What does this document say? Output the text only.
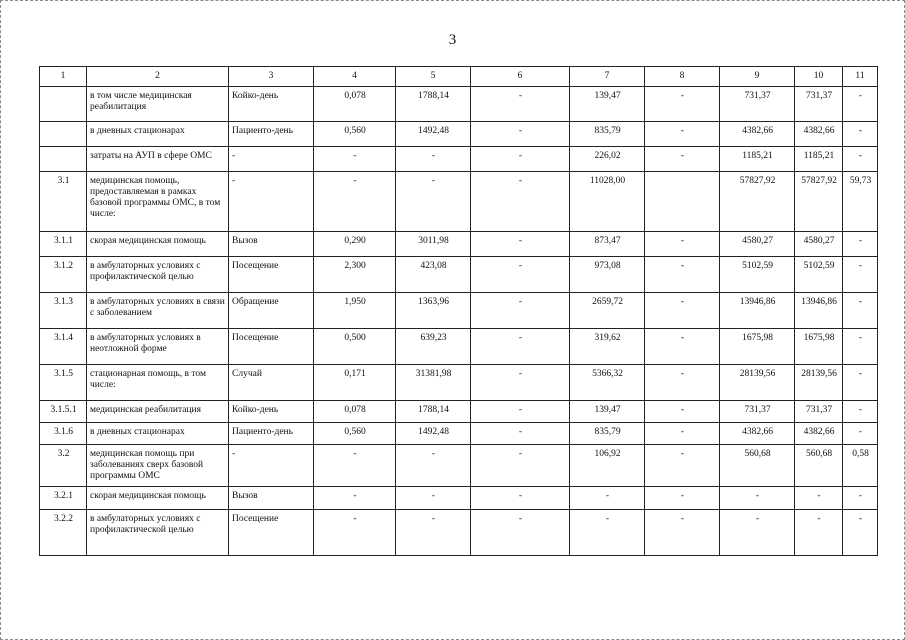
3
1	2	3	4	5	6	7	8	9	10	11
	в том числе медицинская реабилитация	Койко-день	0,078	1788,14	-	139,47	-	731,37	731,37	-
	в дневных стационарах	Пациенто-день	0,560	1492,48	-	835,79	-	4382,66	4382,66	-
	затраты на АУП в сфере ОМС	-	-	-	-	226,02	-	1185,21	1185,21	-
3.1	медицинская помощь, предоставляемая в рамках базовой программы ОМС, в том числе:	-	-	-	-	11028,00		57827,92	57827,92	59,73
3.1.1	скорая медицинская помощь	Вызов	0,290	3011,98	-	873,47	-	4580,27	4580,27	-
3.1.2	в амбулаторных условиях с профилактической целью	Посещение	2,300	423,08	-	973,08	-	5102,59	5102,59	-
3.1.3	в амбулаторных условиях в связи с заболеванием	Обращение	1,950	1363,96	-	2659,72	-	13946,86	13946,86	-
3.1.4	в амбулаторных условиях в неотложной форме	Посещение	0,500	639,23	-	319,62	-	1675,98	1675,98	-
3.1.5	стационарная помощь, в том числе:	Случай	0,171	31381,98	-	5366,32	-	28139,56	28139,56	-
3.1.5.1	медицинская реабилитация	Койко-день	0,078	1788,14	-	139,47	-	731,37	731,37	-
3.1.6	в дневных стационарах	Пациенто-день	0,560	1492,48	-	835,79	-	4382,66	4382,66	-
3.2	медицинская помощь при заболеваниях сверх базовой программы ОМС	-	-	-	-	106,92	-	560,68	560,68	0,58
3.2.1	скорая медицинская помощь	Вызов	-	-	-	-	-	-	-	-
3.2.2	в амбулаторных условиях с профилактической целью	Посещение	-	-	-	-	-	-	-	-
